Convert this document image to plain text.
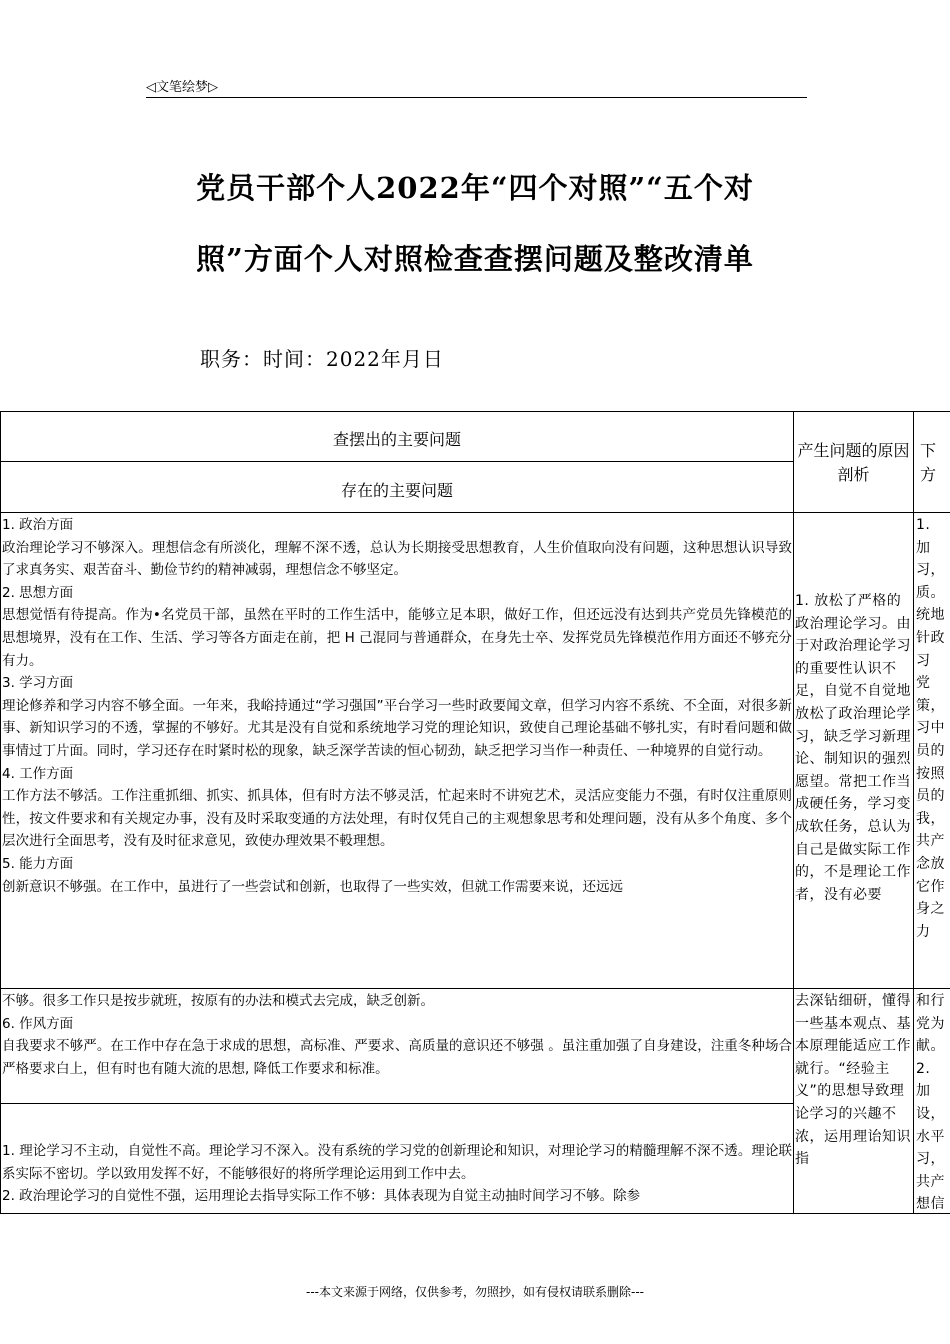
◁文笔绘梦▷
党员干部个人2022年“四个对照”“五个对
照”方面个人对照检查查摆问题及整改清单
职务：时间：2022年月日
查摆出的主要问题
存在的主要问题
产生问题的原因剖析
下方
1. 政治方面
政治理论学习不够深入。理想信念有所淡化，理解不深不透，总认为长期接受思想教育，人生价值取向没有问题，这种思想认识导致了求真务实、艰苦奋斗、勤俭节约的精神减弱，理想信念不够坚定。
2. 思想方面
思想觉悟有待提高。作为•名党员干部，虽然在平时的工作生活中，能够立足本职，做好工作，但还远没有达到共产党员先锋模范的思想境界，没有在工作、生活、学习等各方面走在前，把 H 己混同与普通群众，在身先士卒、发挥党员先锋模范作用方面还不够充分有力。
3. 学习方面
理论修养和学习内容不够全面。一年来，我峪持通过“学习强国”平台学习一些时政要闻文章，但学习内容不系统、不全面，对很多新事、新知识学习的不透，掌握的不够好。尤其是没有自觉和系统地学习党的理论知识，致使自己理论基础不够扎实，有时看问题和做事情过丁片面。同时，学习还存在时紧时松的现象，缺乏深学苦读的恒心韧劲，缺乏把学习当作一种责任、一种境界的自觉行动。
4. 工作方面
工作方法不够活。工作注重抓细、抓实、抓具体，但有时方法不够灵活，忙起来时不讲宛艺术，灵活应变能力不强，有时仅注重原则性，按文件要求和有关规定办事，没有及时采取变通的方法处理，有时仅凭自己的主观想象思考和处理问题，没有从多个角度、多个层次进行全面思考，没有及时征求意见，致使办理效果不軗理想。
5. 能力方面
创新意识不够强。在工作中，虽进行了一些尝试和创新，也取得了一些实效，但就工作需要来说，还远远
1. 放松了严格的政治理论学习。由于对政治理论学习的重要性认识不足，自觉不自觉地放松了政治理论学习，缺乏学习新理论、制知识的强烈愿望。常把工作当成硬任务，学习变成软任务，总认为自己是做实际工作的，不是理论工作者，没有必要
1. 加习，质。统地针政习 党策，习中员的按照员的我，共产念放它作身之力
不够。很多工作只是按步就班，按原有的办法和模式去完成，缺乏创新。
6. 作风方面
自我要求不够严。在工作中存在急于求成的思想，高标准、严要求、高质量的意识还不够强 。虽注重加强了自身建设，注重冬种场合严格要求白上，但有时也有随大流的思想, 降低工作要求和标准。
1. 理论学习不主动，自觉性不高。理论学习不深入。没有系统的学习党的创新理论和知识，对理论学习的精髓理解不深不透。理论联系实际不密切。学以致用发挥不好，不能够很好的将所学理论运用到工作中去。
2. 政治理论学习的自觉性不强，运用理论去指导实际工作不够：具体表现为自觉主动抽时间学习不够。除参
去深钻细研，懂得一些基本观点、基本原理能适应工作就行。“经验主义”的思想导致理论学习的兴趣不浓，运用理诒知识指
和行党为献。2. 加设，水平习，共产想信
---本文来源于网络，仅供参考，勿照抄，如有侵权请联系删除---
